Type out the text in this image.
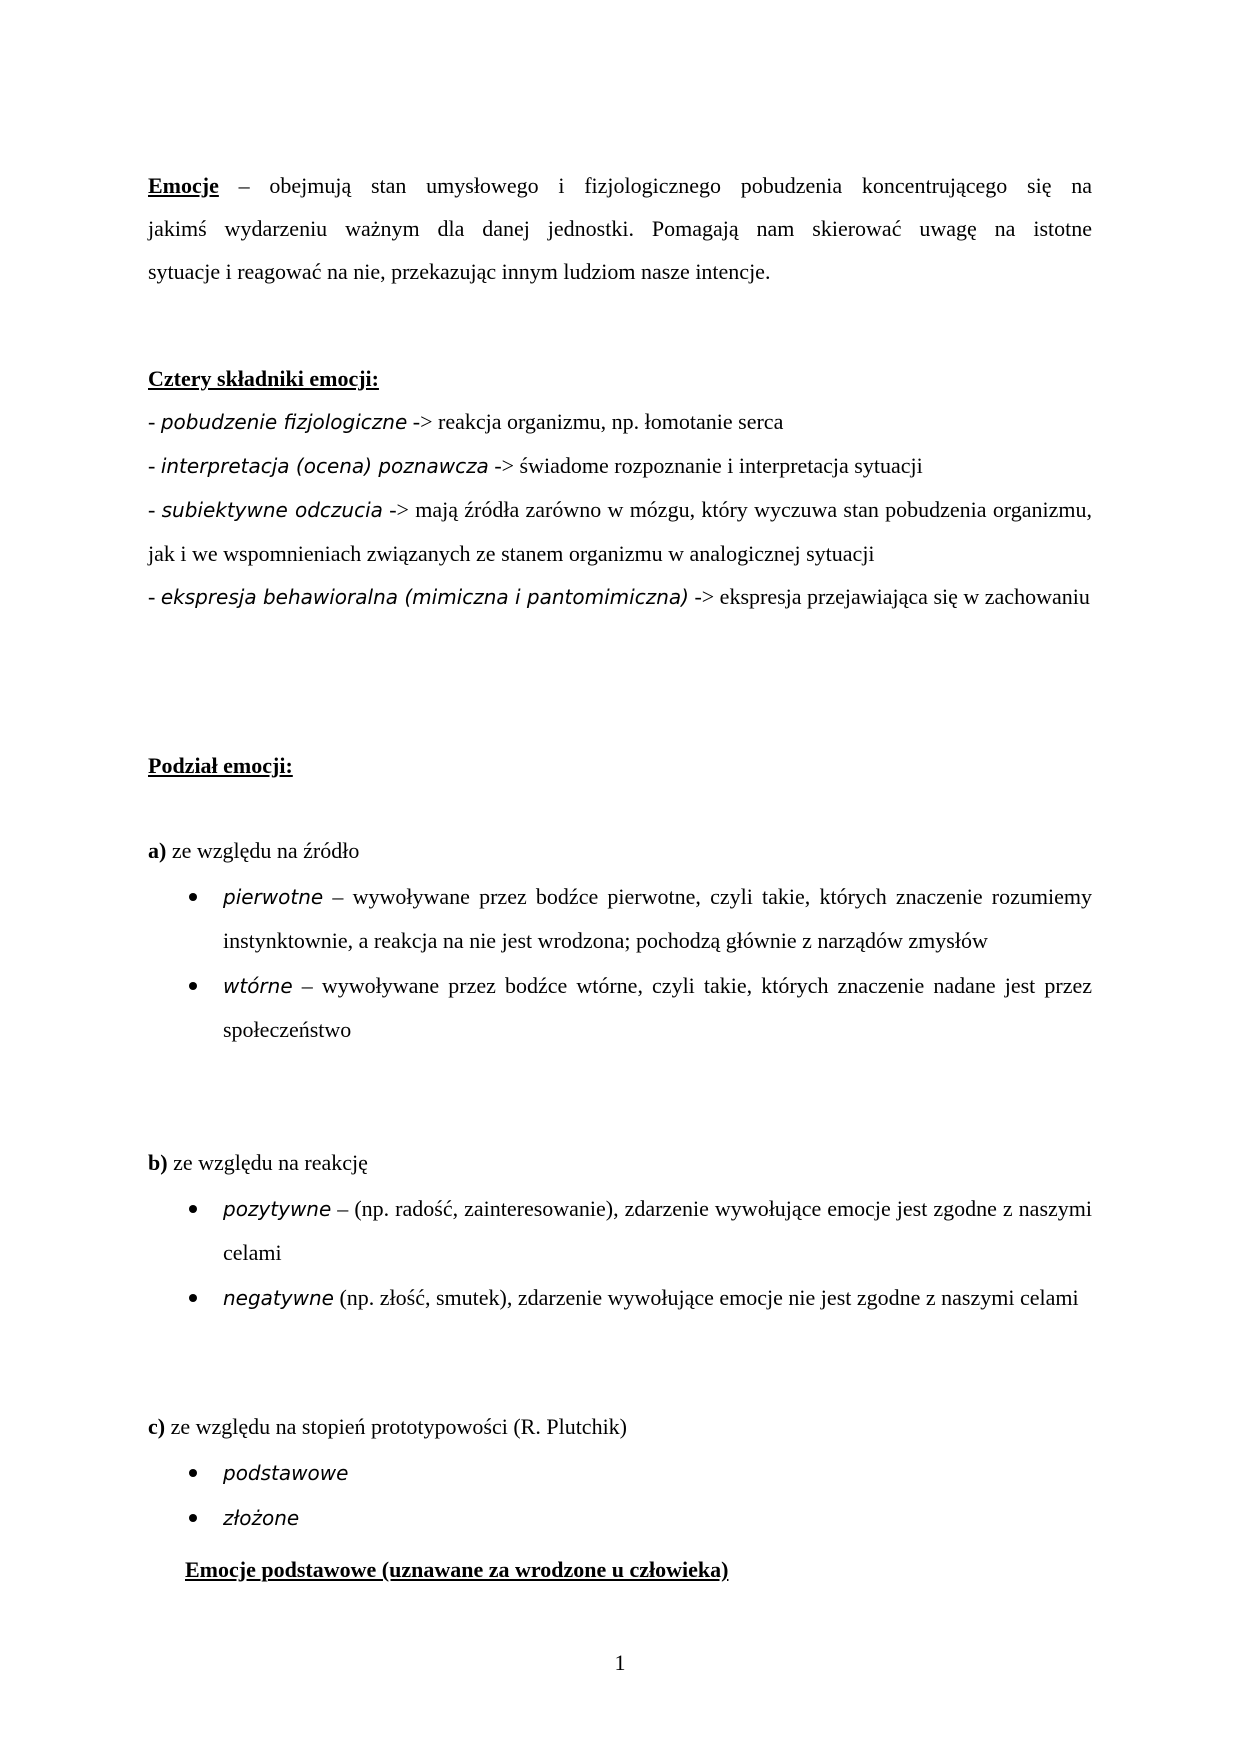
Emocje – obejmują stan umysłowego i fizjologicznego pobudzenia koncentrującego się na
jakimś wydarzeniu ważnym dla danej jednostki. Pomagają nam skierować uwagę na istotne
sytuacje i reagować na nie, przekazując innym ludziom nasze intencje.
Cztery składniki emocji:
- pobudzenie fizjologiczne -> reakcja organizmu, np. łomotanie serca
- interpretacja (ocena) poznawcza -> świadome rozpoznanie i interpretacja sytuacji
- subiektywne odczucia -> mają źródła zarówno w mózgu, który wyczuwa stan pobudzenia organizmu, jak i we wspomnieniach związanych ze stanem organizmu w analogicznej sytuacji
- ekspresja behawioralna (mimiczna i pantomimiczna) -> ekspresja przejawiająca się w zachowaniu
Podział emocji:
a) ze względu na źródło
pierwotne – wywoływane przez bodźce pierwotne, czyli takie, których znaczenie rozumiemy instynktownie, a reakcja na nie jest wrodzona; pochodzą głównie z narządów zmysłów
wtórne – wywoływane przez bodźce wtórne, czyli takie, których znaczenie nadane jest przez społeczeństwo
b) ze względu na reakcję
pozytywne – (np. radość, zainteresowanie), zdarzenie wywołujące emocje jest zgodne z naszymi celami
negatywne (np. złość, smutek), zdarzenie wywołujące emocje nie jest zgodne z naszymi celami
c) ze względu na stopień prototypowości (R. Plutchik)
podstawowe
złożone
Emocje podstawowe (uznawane za wrodzone u człowieka)
1
